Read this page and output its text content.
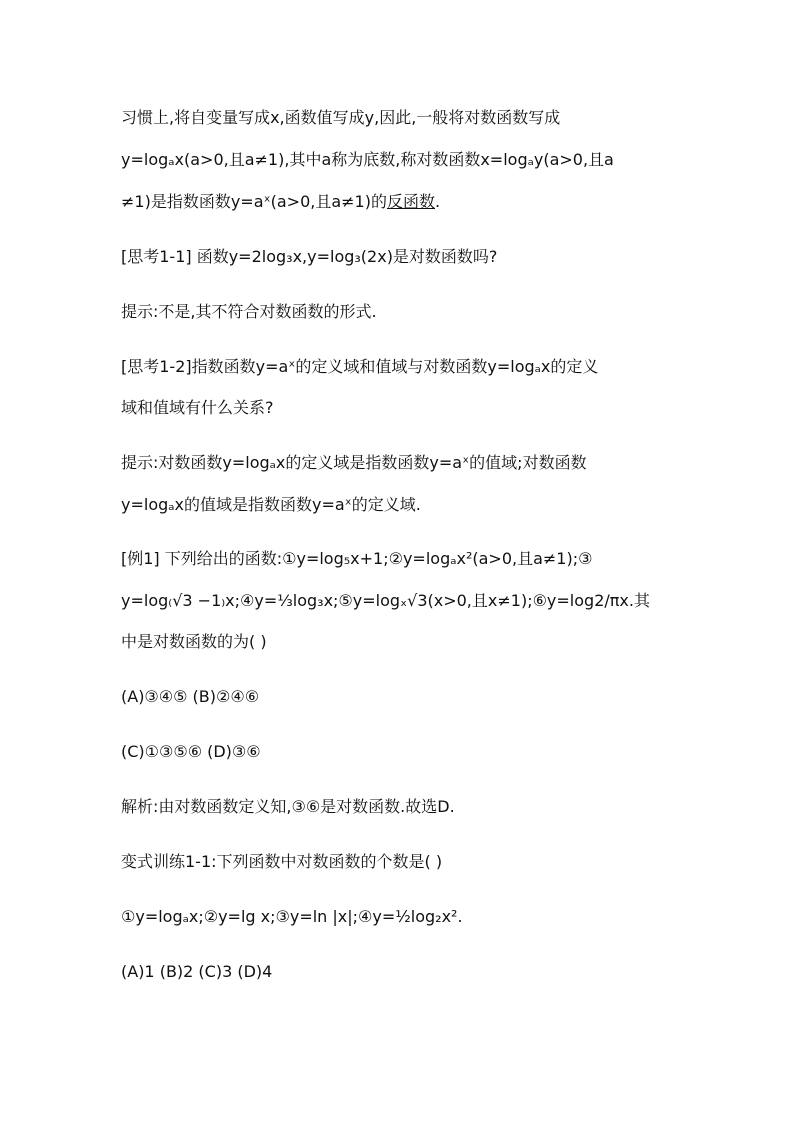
习惯上,将自变量写成x,函数值写成y,因此,一般将对数函数写成
y=logₐx(a>0,且a≠1),其中a称为底数,称对数函数x=logₐy(a>0,且a
≠1)是指数函数y=aˣ(a>0,且a≠1)的反函数.
[思考1-1] 函数y=2log₃x,y=log₃(2x)是对数函数吗?
提示:不是,其不符合对数函数的形式.
[思考1-2]指数函数y=aˣ的定义域和值域与对数函数y=logₐx的定义
域和值域有什么关系?
提示:对数函数y=logₐx的定义域是指数函数y=aˣ的值域;对数函数
y=logₐx的值域是指数函数y=aˣ的定义域.
[例1] 下列给出的函数:①y=log₅x+1;②y=logₐx²(a>0,且a≠1);③
y=log₍√3 −1₎x;④y=⅓log₃x;⑤y=logₓ√3(x>0,且x≠1);⑥y=log2/πx.其
中是对数函数的为( )
(A)③④⑤ (B)②④⑥
(C)①③⑤⑥ (D)③⑥
解析:由对数函数定义知,③⑥是对数函数.故选D.
变式训练1-1:下列函数中对数函数的个数是( )
①y=logₐx;②y=lg x;③y=ln |x|;④y=½log₂x².
(A)1 (B)2 (C)3 (D)4
